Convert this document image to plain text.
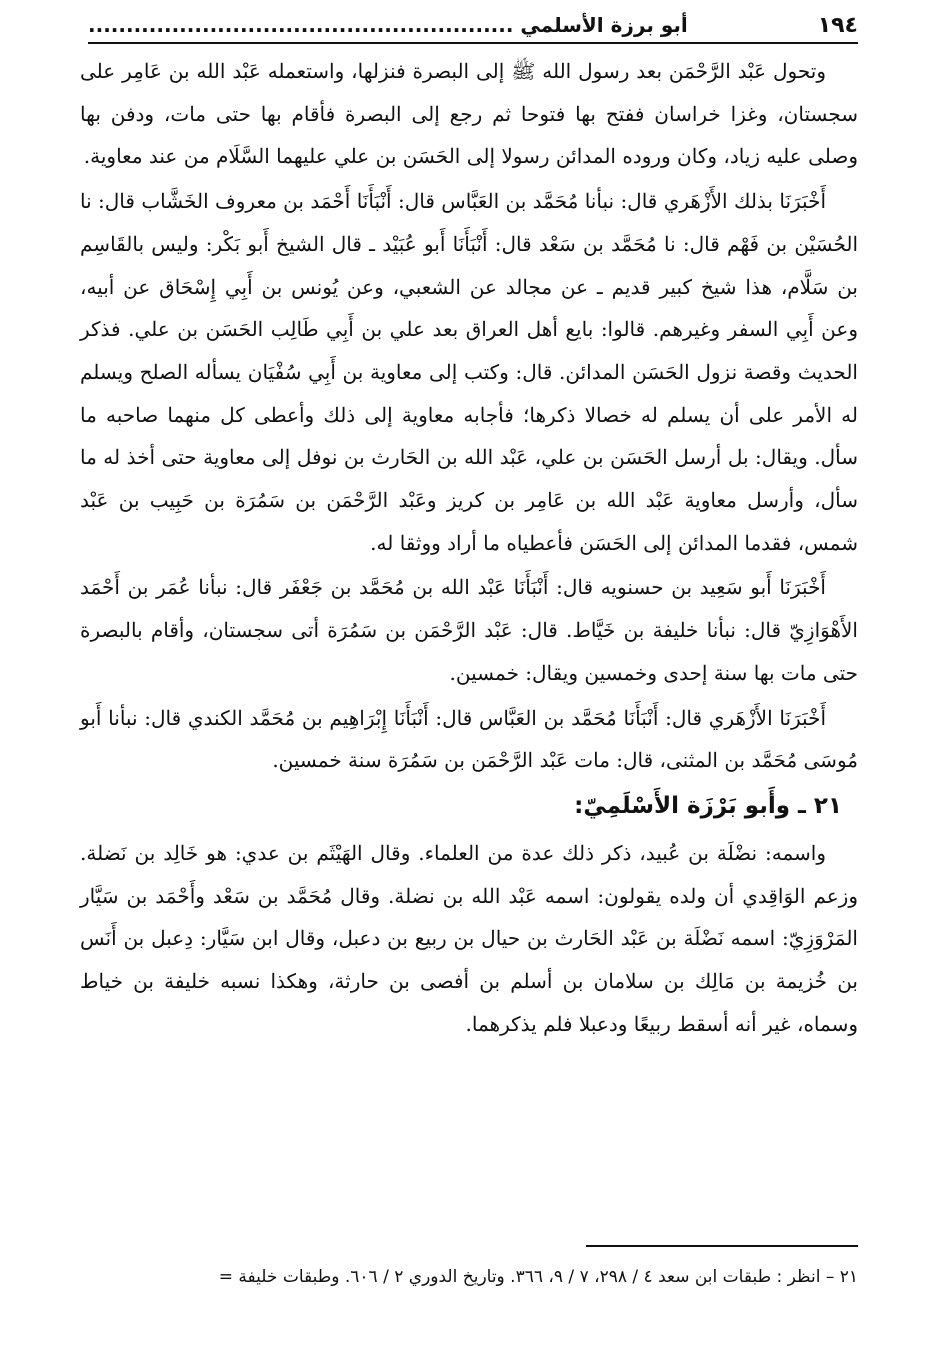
١٩٤
أبو برزة الأسلمي ........................................................

وتحول عَبْد الرَّحْمَن بعد رسول الله ﷺ إلى البصرة فنزلها، واستعمله عَبْد الله بن عَامِر على سجستان، وغزا خراسان ففتح بها فتوحا ثم رجع إلى البصرة فأقام بها حتى مات، ودفن بها وصلى عليه زياد، وكان وروده المدائن رسولا إلى الحَسَن بن علي عليهما السَّلَام من عند معاوية.

أَخْبَرَنَا بذلك الأَزْهَري قال: نبأنا مُحَمَّد بن العَبَّاس قال: أَنْبَأَنَا أَحْمَد بن معروف الخَشَّاب قال: نا الحُسَيْن بن فَهْم قال: نا مُحَمَّد بن سَعْد قال: أَنْبَأَنَا أَبو عُبَيْد ـ قال الشيخ أَبو بَكْر: وليس بالقَاسِم بن سَلَّام، هذا شيخ كبير قديم ـ عن مجالد عن الشعبي، وعن يُونس بن أَبِي إِسْحَاق عن أبيه، وعن أَبِي السفر وغيرهم. قالوا: بايع أهل العراق بعد علي بن أَبِي طَالِب الحَسَن بن علي. فذكر الحديث وقصة نزول الحَسَن المدائن. قال: وكتب إلى معاوية بن أَبِي سُفْيَان يسأله الصلح ويسلم له الأمر على أن يسلم له خصالا ذكرها؛ فأجابه معاوية إلى ذلك وأعطى كل منهما صاحبه ما سأل. ويقال: بل أرسل الحَسَن بن علي، عَبْد الله بن الحَارث بن نوفل إلى معاوية حتى أخذ له ما سأل، وأرسل معاوية عَبْد الله بن عَامِر بن كريز وعَبْد الرَّحْمَن بن سَمُرَة بن حَبِيب بن عَبْد شمس، فقدما المدائن إلى الحَسَن فأعطياه ما أراد ووثقا له.

أَخْبَرَنَا أَبو سَعِيد بن حسنويه قال: أَنْبَأَنَا عَبْد الله بن مُحَمَّد بن جَعْفَر قال: نبأنا عُمَر بن أَحْمَد الأَهْوَازِيّ قال: نبأنا خليفة بن خَيَّاط. قال: عَبْد الرَّحْمَن بن سَمُرَة أتى سجستان، وأقام بالبصرة حتى مات بها سنة إحدى وخمسين ويقال: خمسين.

أَخْبَرَنَا الأَزْهَري قال: أَنْبَأَنَا مُحَمَّد بن العَبَّاس قال: أَنْبَأَنَا إِبْرَاهِيم بن مُحَمَّد الكندي قال: نبأنا أَبو مُوسَى مُحَمَّد بن المثنى، قال: مات عَبْد الرَّحْمَن بن سَمُرَة سنة خمسين.

٢١ ـ وأَبو بَرْزَة الأَسْلَمِيّ:

واسمه: نضْلَة بن عُبيد، ذكر ذلك عدة من العلماء. وقال الهَيْثَم بن عدي: هو خَالِد بن نَضلة. وزعم الوَاقِدي أن ولده يقولون: اسمه عَبْد الله بن نضلة. وقال مُحَمَّد بن سَعْد وأَحْمَد بن سَيَّار المَرْوَزِيّ: اسمه نَضْلَة بن عَبْد الحَارث بن حيال بن ربيع بن دعبل، وقال ابن سَيَّار: دِعبل بن أَنَس بن خُزيمة بن مَالِك بن سلامان بن أسلم بن أفصى بن حارثة، وهكذا نسبه خليفة بن خياط وسماه، غير أنه أسقط ربيعًا ودعبلا فلم يذكرهما.

٢١ – انظر : طبقات ابن سعد ٤ / ٢٩٨، ٧ / ٩، ٣٦٦. وتاريخ الدوري ٢ / ٦٠٦. وطبقات خليفة =
